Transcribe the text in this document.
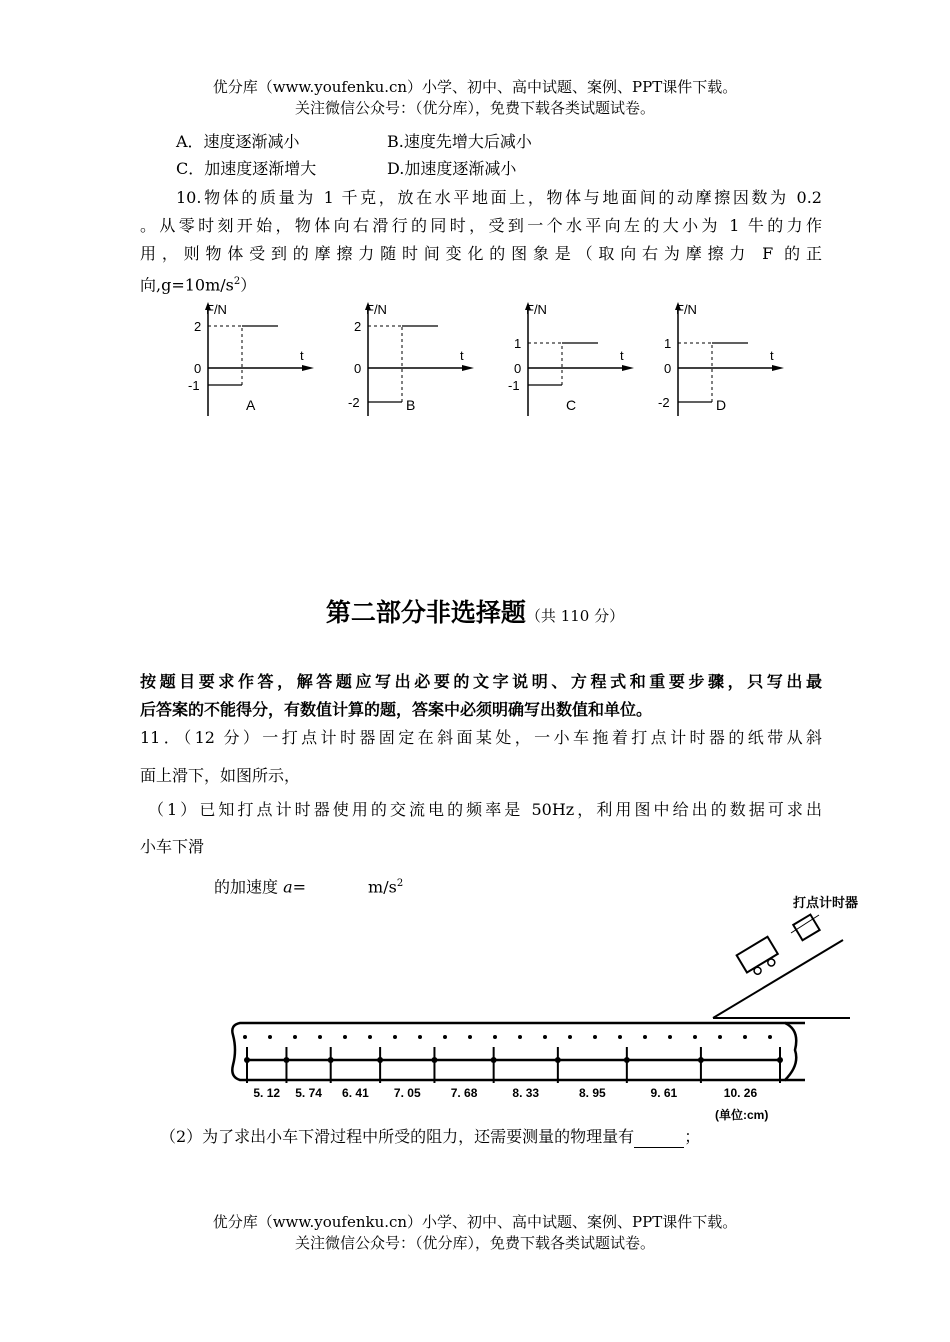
优分库（www.youfenku.cn）小学、初中、高中试题、案例、PPT课件下载。
关注微信公众号：（优分库），免费下载各类试题试卷。
A．速度逐渐减小	B.速度先增大后减小
C．加速度逐渐增大	D.加速度逐渐减小
10.物体的质量为 1 千克，放在水平地面上，物体与地面间的动摩擦因数为 0.2
。从零时刻开始，物体向右滑行的同时，受到一个水平向左的大小为 1 牛的力作
用，则物体受到的摩擦力随时间变化的图象是（取向右为摩擦力 F 的正
向$,g=10m/s^2$）
F/N
t
2
0
-1
A
F/N
t
2
0
-2	B
F/N
t
1
0
-1
C
F/N
t
1
0
-2	D
第二部分非选择题（共 110 分）
按题目要求作答，解答题应写出必要的文字说明、方程式和重要步骤，只写出最
后答案的不能得分，有数值计算的题，答案中必须明确写出数值和单位。
11．（12 分）一打点计时器固定在斜面某处，一小车拖着打点计时器的纸带从斜
面上滑下，如图所示，
（1）已知打点计时器使用的交流电的频率是 50Hz，利用图中给出的数据可求出
小车下滑
的加速度 a=	$m/s^2$
打点计时器
5. 12 5. 74 6. 41 7. 05	7. 68	8. 33	8. 95	9. 61	10. 26
(单位:cm)
（2）为了求出小车下滑过程中所受的阻力，还需要测量的物理量有	；
优分库（www.youfenku.cn）小学、初中、高中试题、案例、PPT课件下载。
关注微信公众号：（优分库），免费下载各类试题试卷。
